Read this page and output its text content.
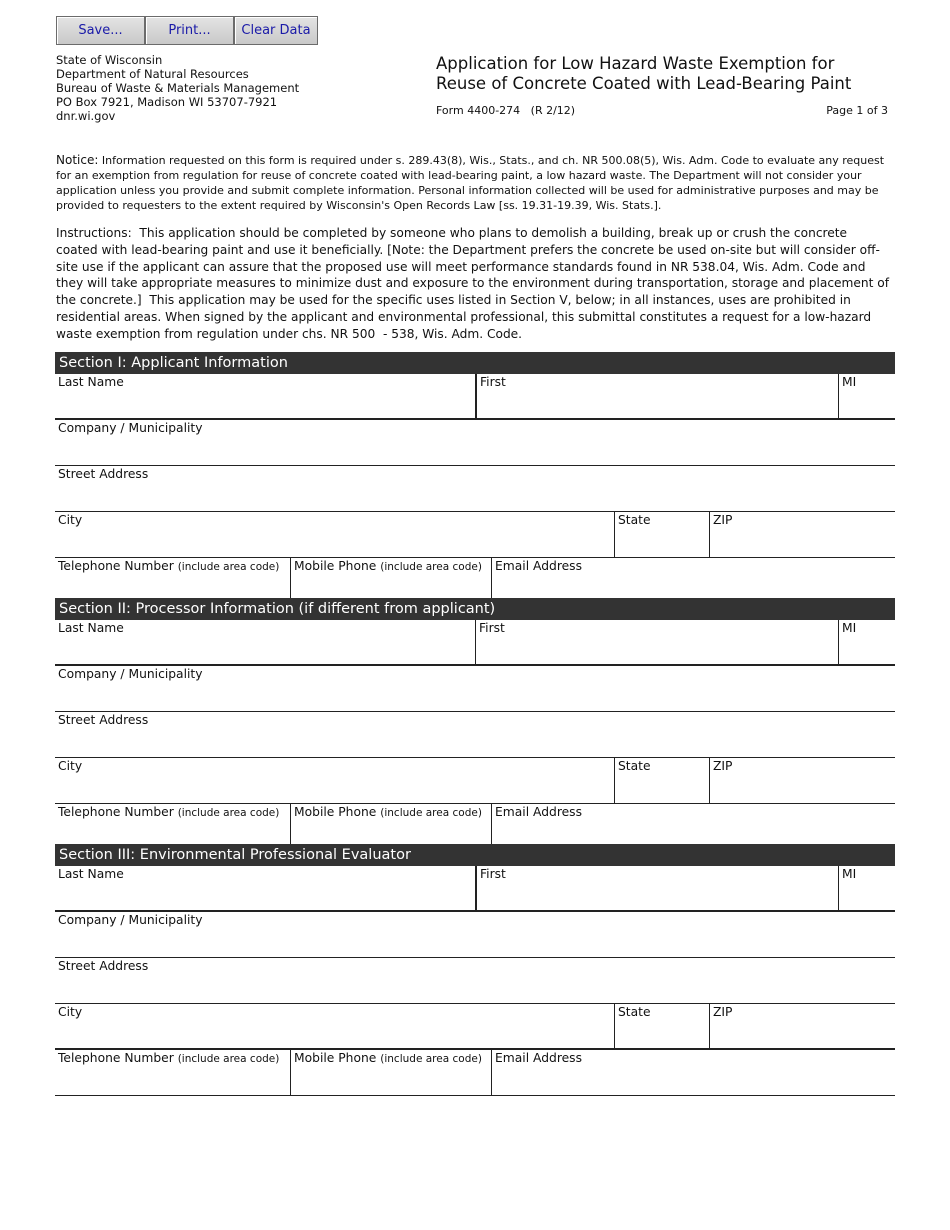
Save...	Print...	Clear Data
State of Wisconsin
Department of Natural Resources
Bureau of Waste & Materials Management
PO Box 7921, Madison WI 53707-7921
dnr.wi.gov
Application for Low Hazard Waste Exemption for
Reuse of Concrete Coated with Lead-Bearing Paint
Form 4400-274   (R 2/12)	Page 1 of 3
Notice: Information requested on this form is required under s. 289.43(8), Wis., Stats., and ch. NR 500.08(5), Wis. Adm. Code to evaluate any request for an exemption from regulation for reuse of concrete coated with lead-bearing paint, a low hazard waste. The Department will not consider your application unless you provide and submit complete information. Personal information collected will be used for administrative purposes and may be provided to requesters to the extent required by Wisconsin's Open Records Law [ss. 19.31-19.39, Wis. Stats.].
Instructions:  This application should be completed by someone who plans to demolish a building, break up or crush the concrete coated with lead-bearing paint and use it beneficially. [Note: the Department prefers the concrete be used on-site but will consider off-site use if the applicant can assure that the proposed use will meet performance standards found in NR 538.04, Wis. Adm. Code and they will take appropriate measures to minimize dust and exposure to the environment during transportation, storage and placement of the concrete.]  This application may be used for the specific uses listed in Section V, below; in all instances, uses are prohibited in residential areas. When signed by the applicant and environmental professional, this submittal constitutes a request for a low-hazard waste exemption from regulation under chs. NR 500  - 538, Wis. Adm. Code.
Section I: Applicant Information
Last Name	First	MI
Company / Municipality
Street Address
City	State	ZIP
Telephone Number (include area code) Mobile Phone (include area code) Email Address
Section II: Processor Information (if different from applicant)
Last Name	First	MI
Company / Municipality
Street Address
City	State	ZIP
Telephone Number (include area code) Mobile Phone (include area code) Email Address
Section III: Environmental Professional Evaluator
Last Name	First	MI
Company / Municipality
Street Address
City	State	ZIP
Telephone Number (include area code) Mobile Phone (include area code) Email Address
